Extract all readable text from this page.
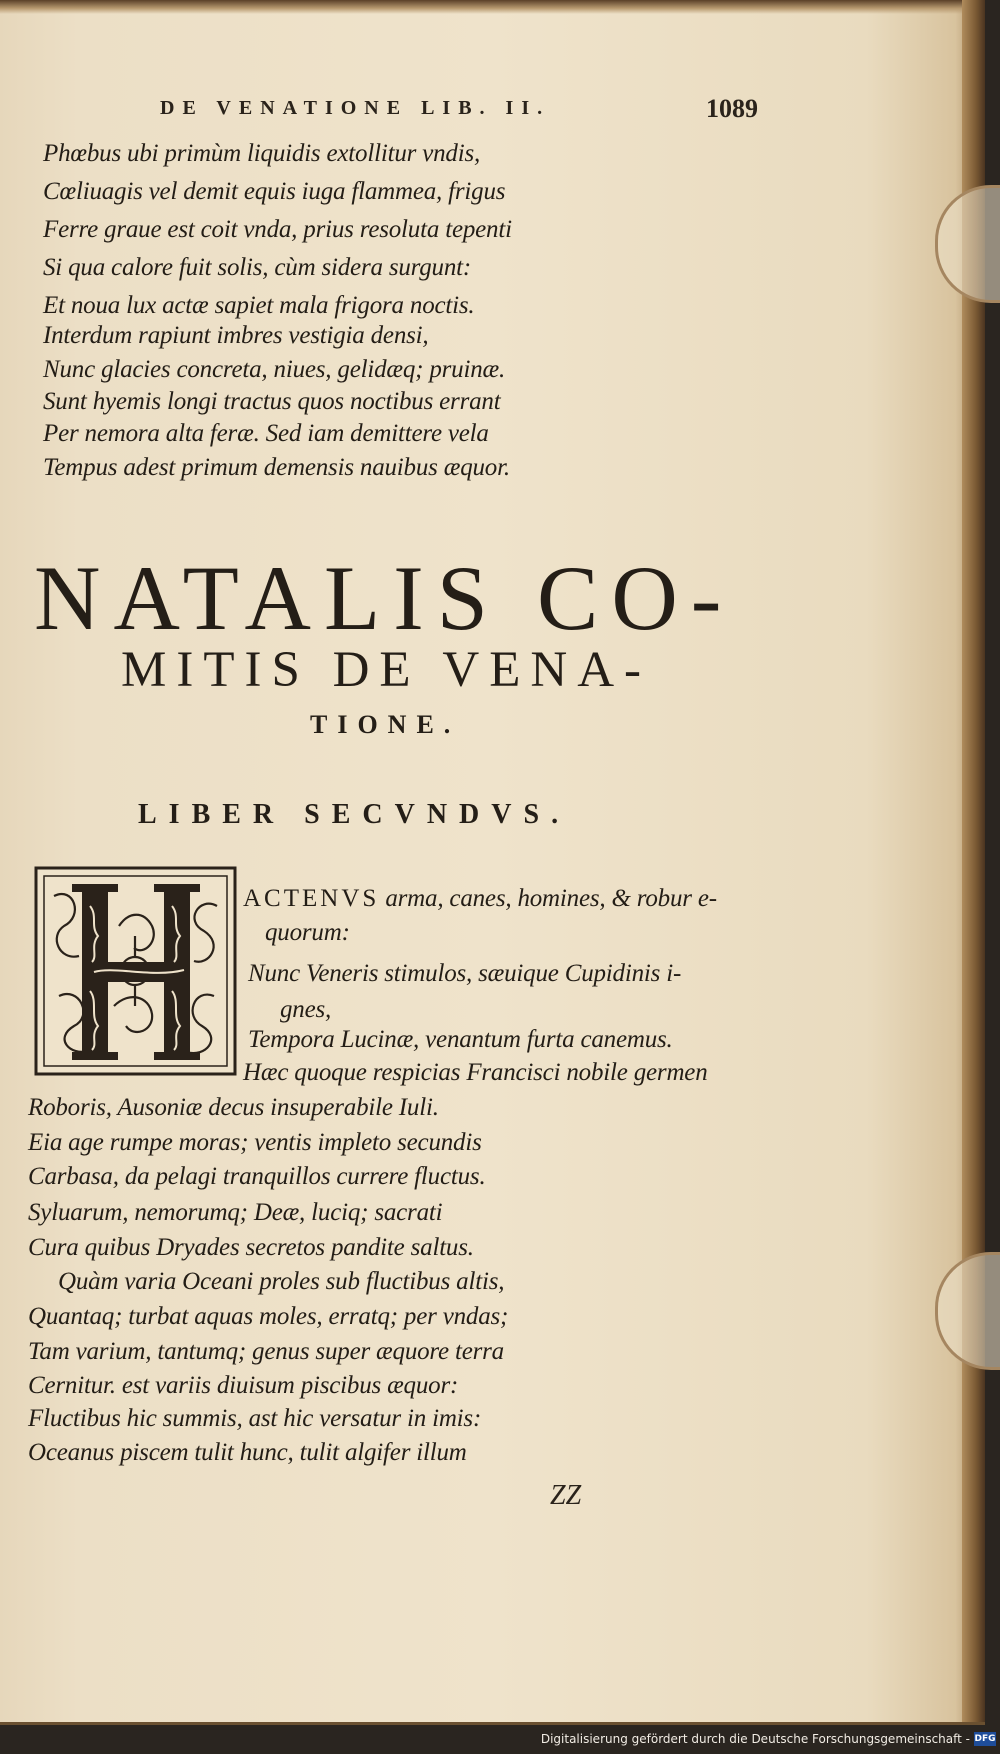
DE VENATIONE LIB. II.	1089
Phœbus ubi primùm liquidis extollitur vndis,
Cœliuagis vel demit equis iuga flammea, frigus
Ferre graue est coit vnda, prius resoluta tepenti
Si qua calore fuit solis, cùm sidera surgunt:
Et noua lux actæ sapiet mala frigora noctis.
Interdum rapiunt imbres vestigia densi,
Nunc glacies concreta, niues, gelidæq; pruinæ.
Sunt hyemis longi tractus quos noctibus errant
Per nemora alta feræ. Sed iam demittere vela
Tempus adest primum demensis nauibus æquor.
NATALIS CO-
MITIS DE VENA-
TIONE.
LIBER SECVNDVS.
ACTENVS arma, canes, homines, & robur e-
quorum:
Nunc Veneris stimulos, sæuique Cupidinis i-
gnes,
Tempora Lucinæ, venantum furta canemus.
Hæc quoque respicias Francisci nobile germen
Roboris, Ausoniæ decus insuperabile Iuli.
Eia age rumpe moras; ventis impleto secundis
Carbasa, da pelagi tranquillos currere fluctus.
Syluarum, nemorumq; Deæ, luciq; sacrati
Cura quibus Dryades secretos pandite saltus.
Quàm varia Oceani proles sub fluctibus altis,
Quantaq; turbat aquas moles, erratq; per vndas;
Tam varium, tantumq; genus super æquore terra
Cernitur. est variis diuisum piscibus æquor:
Fluctibus hic summis, ast hic versatur in imis:
Oceanus piscem tulit hunc, tulit algifer illum
ZZ
Digitalisierung gefördert durch die Deutsche Forschungsgemeinschaft - DFG
